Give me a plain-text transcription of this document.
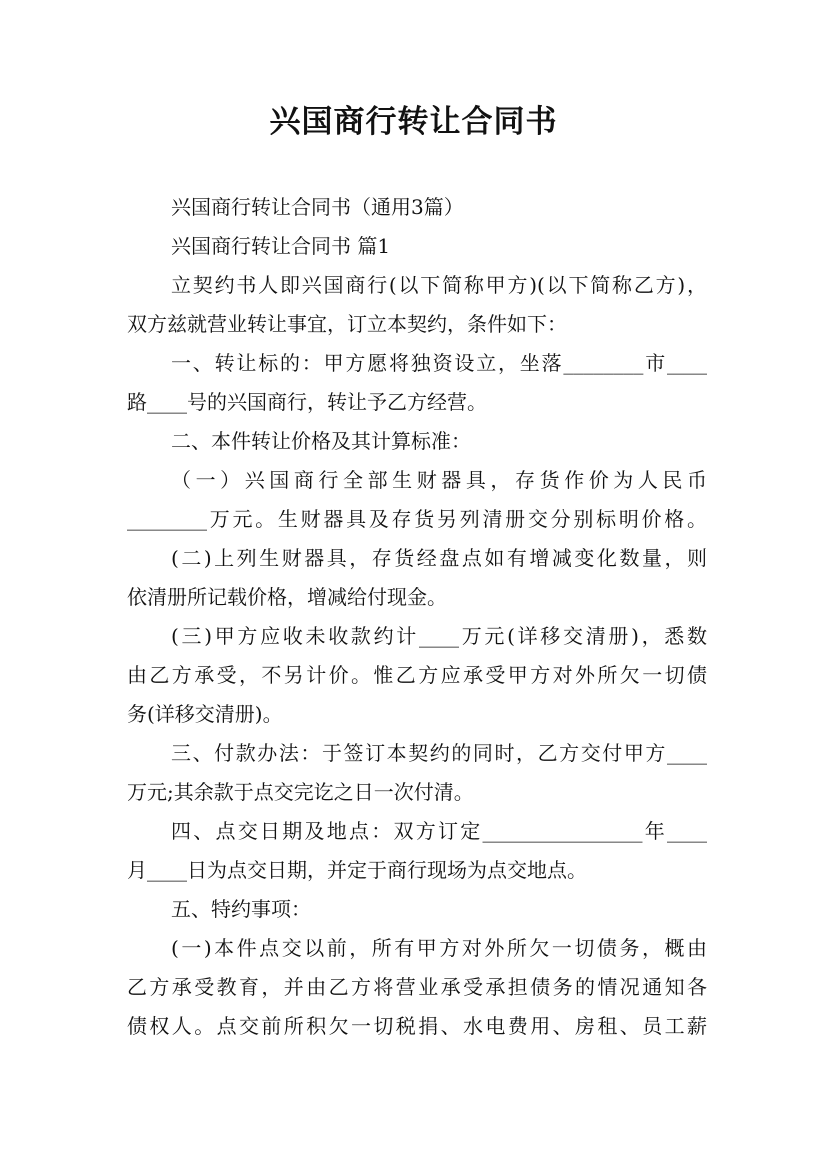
兴国商行转让合同书
兴国商行转让合同书（通用3篇）
兴国商行转让合同书 篇1
立契约书人即兴国商行(以下简称甲方)(以下简称乙方)，
双方兹就营业转让事宜，订立本契约，条件如下：
一、转让标的：甲方愿将独资设立，坐落________市____
路____号的兴国商行，转让予乙方经营。
二、本件转让价格及其计算标准：
（一）兴国商行全部生财器具，存货作价为人民币
________万元。生财器具及存货另列清册交分别标明价格。
(二)上列生财器具，存货经盘点如有增减变化数量，则
依清册所记载价格，增减给付现金。
(三)甲方应收未收款约计____万元(详移交清册)，悉数
由乙方承受，不另计价。惟乙方应承受甲方对外所欠一切债
务(详移交清册)。
三、付款办法：于签订本契约的同时，乙方交付甲方____
万元;其余款于点交完讫之日一次付清。
四、点交日期及地点：双方订定________________年____
月____日为点交日期，并定于商行现场为点交地点。
五、特约事项：
(一)本件点交以前，所有甲方对外所欠一切债务，概由
乙方承受教育，并由乙方将营业承受承担债务的情况通知各
债权人。点交前所积欠一切税捐、水电费用、房租、员工薪
